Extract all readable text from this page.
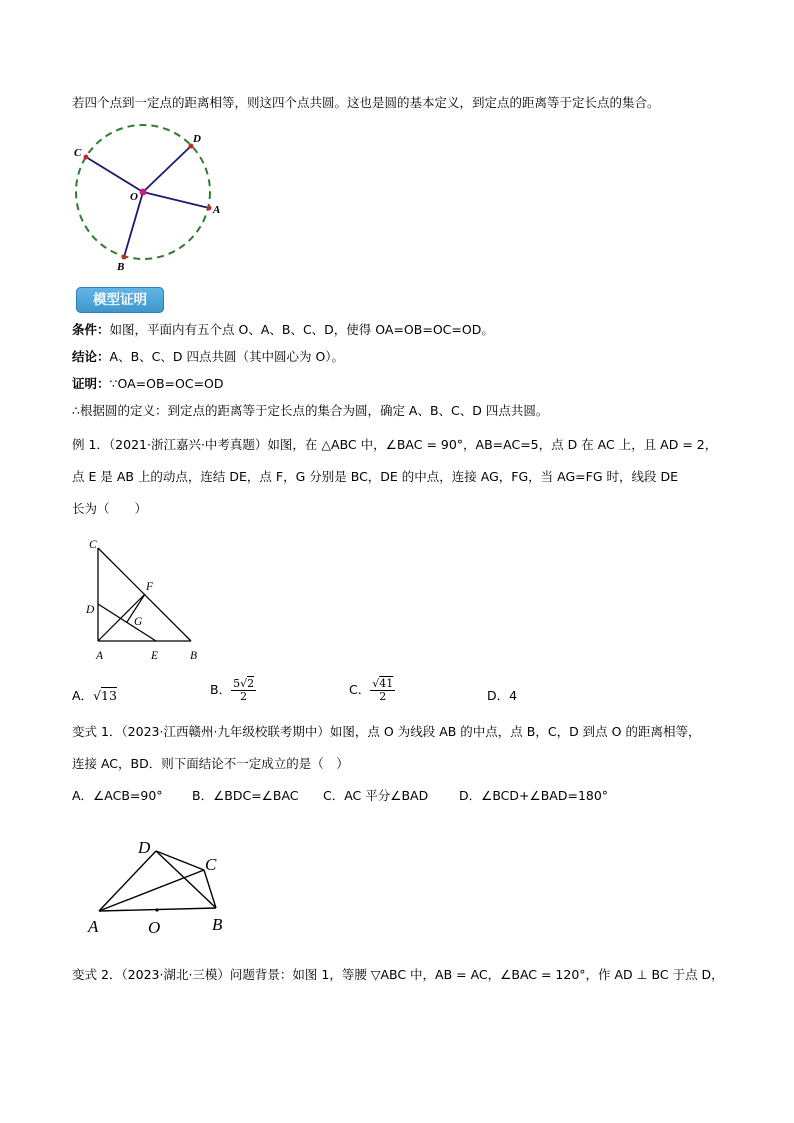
若四个点到一定点的距离相等，则这四个点共圆。这也是圆的基本定义，到定点的距离等于定长点的集合。
C
D
O
A
B
模型证明
条件：如图，平面内有五个点 O、A、B、C、D，使得 OA=OB=OC=OD。
结论：A、B、C、D 四点共圆（其中圆心为 O）。
证明：∵OA=OB=OC=OD
∴根据圆的定义：到定点的距离等于定长点的集合为圆，确定 A、B、C、D 四点共圆。
例 1．（2021·浙江嘉兴·中考真题）如图，在 △ABC 中，∠BAC = 90°，AB=AC=5，点 D 在 AC 上，且 AD = 2，
点 E 是 AB 上的动点，连结 DE，点 F，G 分别是 BC，DE 的中点，连接 AG，FG，当 AG=FG 时，线段 DE
长为（　　）
C
F
D
G
A	E	B
A．√13	B． $\frac{5√2}{2}$	C． $\frac{√41}{2}$	D．4
变式 1．（2023·江西赣州·九年级校联考期中）如图，点 O 为线段 AB 的中点，点 B，C，D 到点 O 的距离相等，
连接 AC，BD．则下面结论不一定成立的是（　）
A．∠ACB=90° B．∠BDC=∠BAC C．AC 平分∠BAD D．∠BCD+∠BAD=180°
D
C
A	O	B
变式 2．（2023·湖北·三模）问题背景：如图 1，等腰 ▽ABC 中，AB = AC，∠BAC = 120°，作 AD ⊥ BC 于点 D，
